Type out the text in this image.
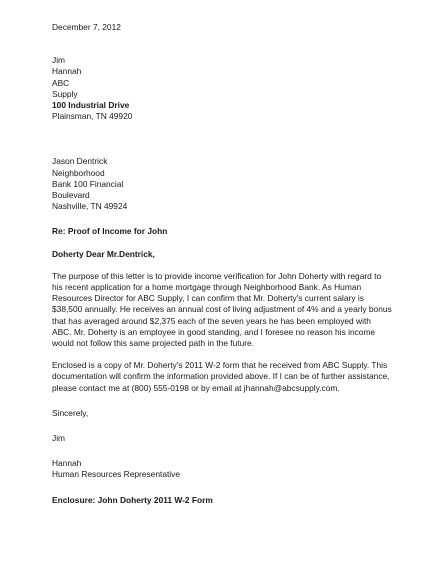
December 7, 2012
Jim
Hannah
ABC
Supply
100 Industrial Drive
Plainsman, TN 49920
Jason Dentrick
Neighborhood
Bank 100 Financial
Boulevard
Nashville, TN 49924
Re: Proof of Income for John
Doherty Dear Mr.Dentrick,
The purpose of this letter is to provide income verification for John Doherty with regard to his recent application for a home mortgage through Neighborhood Bank. As Human Resources Director for ABC Supply, I can confirm that Mr. Doherty's current salary is $38,500 annually. He receives an annual cost of living adjustment of 4% and a yearly bonus that has averaged around $2,375 each of the seven years he has been employed with ABC. Mr. Doherty is an employee in good standing, and I foresee no reason his income would not follow this same projected path in the future.
Enclosed is a copy of Mr. Doherty's 2011 W-2 form that he received from ABC Supply. This documentation will confirm the information provided above. If I can be of further assistance, please contact me at (800) 555-0198 or by email at jhannah@abcsupply.com.
Sincerely,
Jim
Hannah
Human Resources Representative
Enclosure: John Doherty 2011 W-2 Form
